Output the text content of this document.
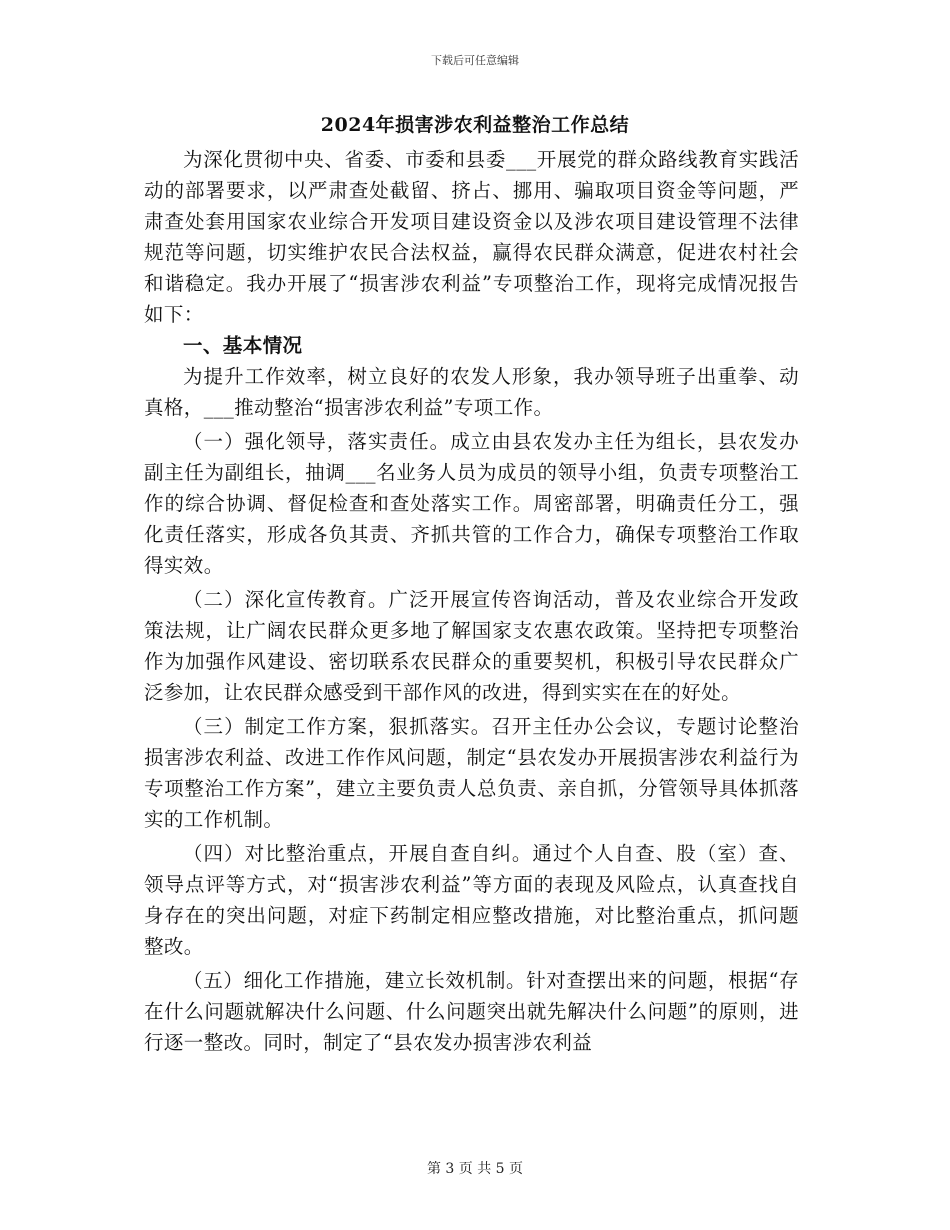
下载后可任意编辑
2024年损害涉农利益整治工作总结

为深化贯彻中央、省委、市委和县委___开展党的群众路线教育实践活动的部署要求，以严肃查处截留、挤占、挪用、骗取项目资金等问题，严肃查处套用国家农业综合开发项目建设资金以及涉农项目建设管理不法律规范等问题，切实维护农民合法权益，赢得农民群众满意，促进农村社会和谐稳定。我办开展了“损害涉农利益”专项整治工作，现将完成情况报告如下：

一、基本情况

为提升工作效率，树立良好的农发人形象，我办领导班子出重拳、动真格，___推动整治“损害涉农利益”专项工作。

（一）强化领导，落实责任。成立由县农发办主任为组长，县农发办副主任为副组长，抽调___名业务人员为成员的领导小组，负责专项整治工作的综合协调、督促检查和查处落实工作。周密部署，明确责任分工，强化责任落实，形成各负其责、齐抓共管的工作合力，确保专项整治工作取得实效。

（二）深化宣传教育。广泛开展宣传咨询活动，普及农业综合开发政策法规，让广阔农民群众更多地了解国家支农惠农政策。坚持把专项整治作为加强作风建设、密切联系农民群众的重要契机，积极引导农民群众广泛参加，让农民群众感受到干部作风的改进，得到实实在在的好处。

（三）制定工作方案，狠抓落实。召开主任办公会议，专题讨论整治损害涉农利益、改进工作作风问题，制定“县农发办开展损害涉农利益行为专项整治工作方案”，建立主要负责人总负责、亲自抓，分管领导具体抓落实的工作机制。

（四）对比整治重点，开展自查自纠。通过个人自查、股（室）查、领导点评等方式，对“损害涉农利益”等方面的表现及风险点，认真查找自身存在的突出问题，对症下药制定相应整改措施，对比整治重点，抓问题整改。

（五）细化工作措施，建立长效机制。针对查摆出来的问题，根据“存在什么问题就解决什么问题、什么问题突出就先解决什么问题”的原则，进行逐一整改。同时，制定了“县农发办损害涉农利益

第 3 页 共 5 页
